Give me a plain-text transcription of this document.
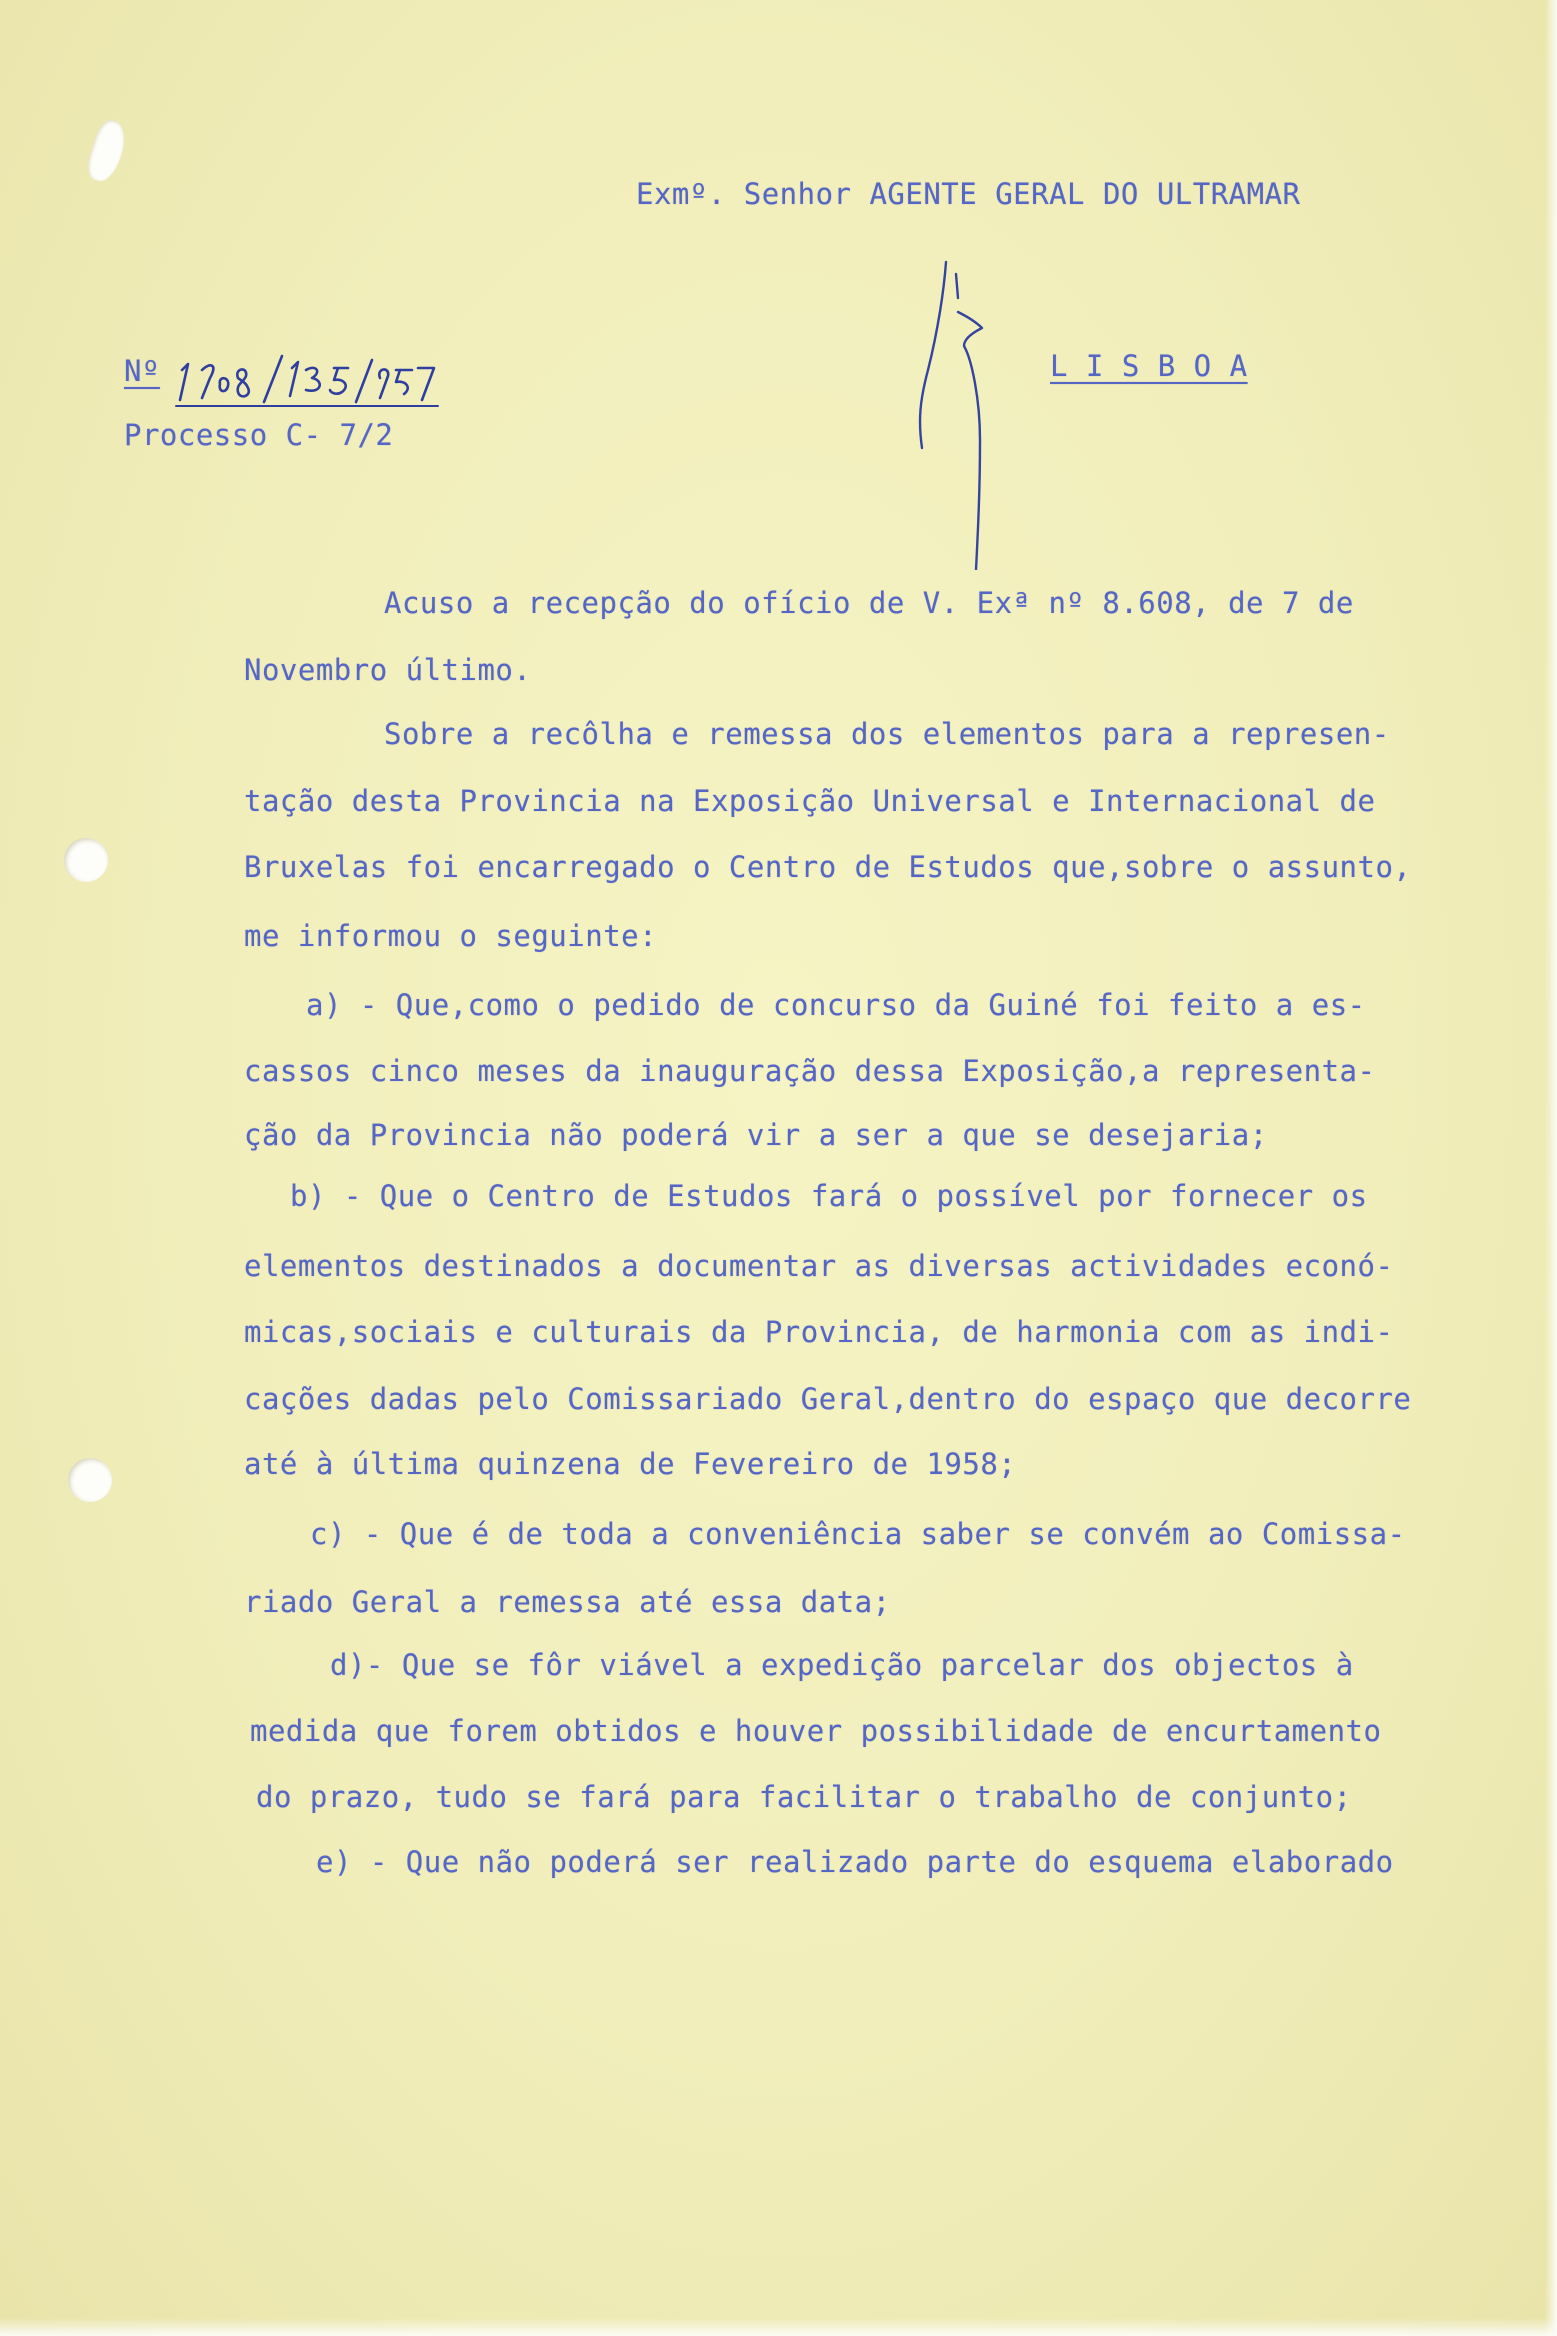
Exmº. Senhor AGENTE GERAL DO ULTRAMAR

Nº	L I S B O A

Processo C- 7/2

Acuso a recepção do ofício de V. Exª nº 8.608, de 7 de

Novembro último.

Sobre a recôlha e remessa dos elementos para a represen-

tação desta Provincia na Exposição Universal e Internacional de

Bruxelas foi encarregado o Centro de Estudos que,sobre o assunto,

me informou o seguinte:

a) - Que,como o pedido de concurso da Guiné foi feito a es-

cassos cinco meses da inauguração dessa Exposição,a representa-

ção da Provincia não poderá vir a ser a que se desejaria;

b) - Que o Centro de Estudos fará o possível por fornecer os

elementos destinados a documentar as diversas actividades econó-

micas,sociais e culturais da Provincia, de harmonia com as indi-

cações dadas pelo Comissariado Geral,dentro do espaço que decorre

até à última quinzena de Fevereiro de 1958;

c) - Que é de toda a conveniência saber se convém ao Comissa-

riado Geral a remessa até essa data;

d)- Que se fôr viável a expedição parcelar dos objectos à

medida que forem obtidos e houver possibilidade de encurtamento

do prazo, tudo se fará para facilitar o trabalho de conjunto;

e) - Que não poderá ser realizado parte do esquema elaborado
